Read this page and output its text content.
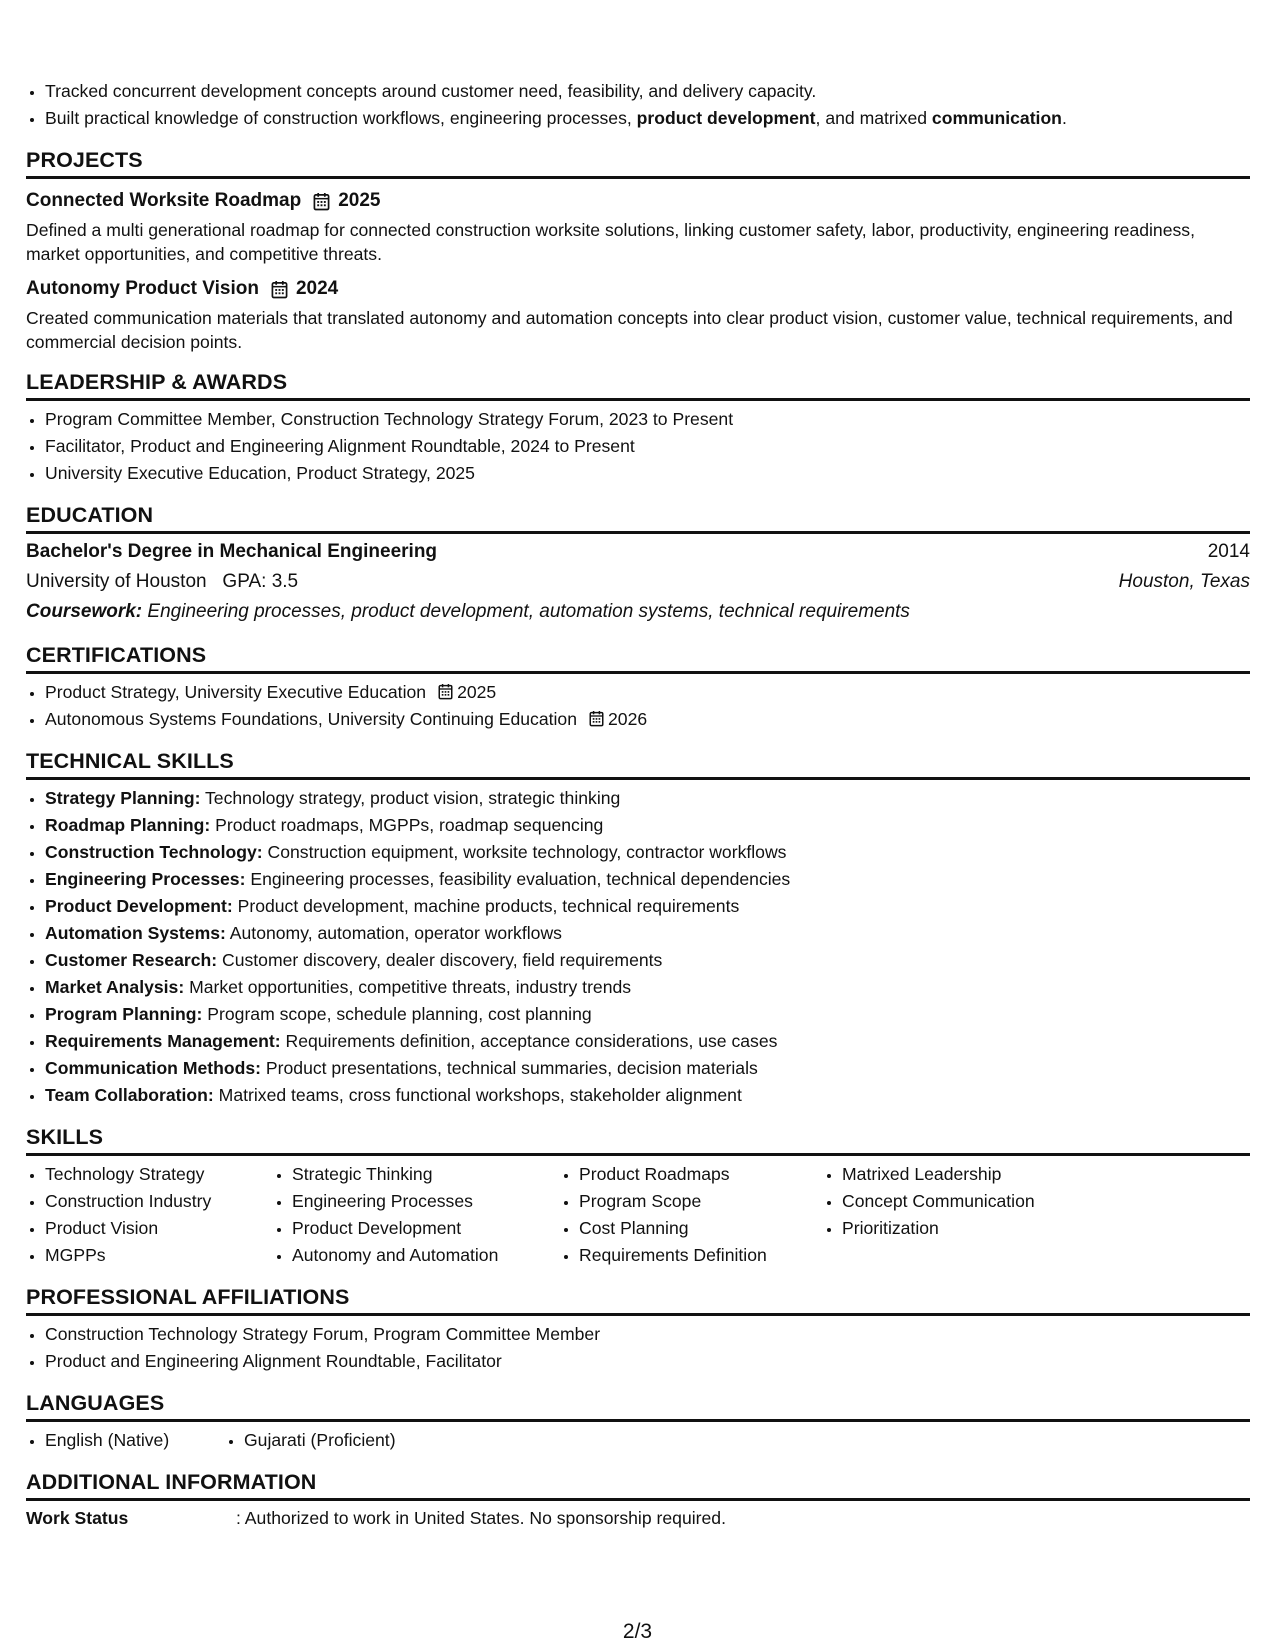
• Tracked concurrent development concepts around customer need, feasibility, and delivery capacity.
• Built practical knowledge of construction workflows, engineering processes, product development, and matrixed communication.
PROJECTS
Connected Worksite Roadmap 2025
Defined a multi generational roadmap for connected construction worksite solutions, linking customer safety, labor, productivity, engineering readiness, market opportunities, and competitive threats.
Autonomy Product Vision 2024
Created communication materials that translated autonomy and automation concepts into clear product vision, customer value, technical requirements, and commercial decision points.
LEADERSHIP & AWARDS
• Program Committee Member, Construction Technology Strategy Forum, 2023 to Present
• Facilitator, Product and Engineering Alignment Roundtable, 2024 to Present
• University Executive Education, Product Strategy, 2025
EDUCATION
Bachelor's Degree in Mechanical Engineering	2014
University of Houston GPA: 3.5	Houston, Texas
Coursework: Engineering processes, product development, automation systems, technical requirements
CERTIFICATIONS
• Product Strategy, University Executive Education 2025
• Autonomous Systems Foundations, University Continuing Education 2026
TECHNICAL SKILLS
• Strategy Planning: Technology strategy, product vision, strategic thinking
• Roadmap Planning: Product roadmaps, MGPPs, roadmap sequencing
• Construction Technology: Construction equipment, worksite technology, contractor workflows
• Engineering Processes: Engineering processes, feasibility evaluation, technical dependencies
• Product Development: Product development, machine products, technical requirements
• Automation Systems: Autonomy, automation, operator workflows
• Customer Research: Customer discovery, dealer discovery, field requirements
• Market Analysis: Market opportunities, competitive threats, industry trends
• Program Planning: Program scope, schedule planning, cost planning
• Requirements Management: Requirements definition, acceptance considerations, use cases
• Communication Methods: Product presentations, technical summaries, decision materials
• Team Collaboration: Matrixed teams, cross functional workshops, stakeholder alignment
SKILLS
• Technology Strategy
• Construction Industry
• Product Vision
• MGPPs
• Strategic Thinking
• Engineering Processes
• Product Development
• Autonomy and Automation
• Product Roadmaps
• Program Scope
• Cost Planning
• Requirements Definition
• Matrixed Leadership
• Concept Communication
• Prioritization
PROFESSIONAL AFFILIATIONS
• Construction Technology Strategy Forum, Program Committee Member
• Product and Engineering Alignment Roundtable, Facilitator
LANGUAGES
• English (Native)
•	Gujarati (Proficient)
ADDITIONAL INFORMATION
Work Status	: Authorized to work in United States. No sponsorship required.
2/3
